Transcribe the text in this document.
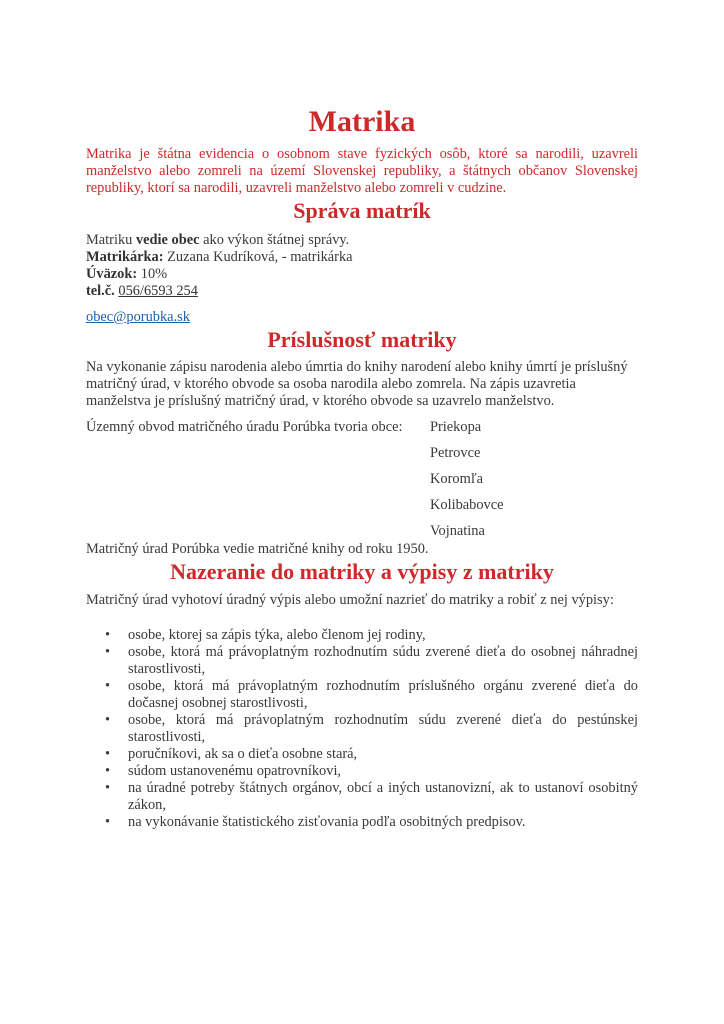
Matrika

Matrika je štátna evidencia o osobnom stave fyzických osôb, ktoré sa narodili, uzavreli manželstvo alebo zomreli na území Slovenskej republiky, a štátnych občanov Slovenskej republiky, ktorí sa narodili, uzavreli manželstvo alebo zomreli v cudzine.

Správa matrík
Matriku vedie obec ako výkon štátnej správy.
Matrikárka: Zuzana Kudríková, - matrikárka
Úväzok: 10%
tel.č. 056/6593 254
obec@porubka.sk
Príslušnosť matriky

Na vykonanie zápisu narodenia alebo úmrtia do knihy narodení alebo knihy úmrtí je príslušný matričný úrad, v ktorého obvode sa osoba narodila alebo zomrela. Na zápis uzavretia manželstva je príslušný matričný úrad, v ktorého obvode sa uzavrelo manželstvo.

Územný obvod matričného úradu Porúbka tvoria obce:	Priekopa
Petrovce
Koromľa
Kolibabovce
Vojnatina

Matričný úrad Porúbka vedie matričné knihy od roku 1950.

Nazeranie do matriky a výpisy z matriky

Matričný úrad vyhotoví úradný výpis alebo umožní nazrieť do matriky a robiť z nej výpisy:

• osobe, ktorej sa zápis týka, alebo členom jej rodiny,
• osobe, ktorá má právoplatným rozhodnutím súdu zverené dieťa do osobnej náhradnej starostlivosti,
• osobe, ktorá má právoplatným rozhodnutím príslušného orgánu zverené dieťa do dočasnej osobnej starostlivosti,
• osobe, ktorá má právoplatným rozhodnutím súdu zverené dieťa do pestúnskej starostlivosti,
• poručníkovi, ak sa o dieťa osobne stará,
• súdom ustanovenému opatrovníkovi,
• na úradné potreby štátnych orgánov, obcí a iných ustanovizní, ak to ustanoví osobitný zákon,
• na vykonávanie štatistického zisťovania podľa osobitných predpisov.
